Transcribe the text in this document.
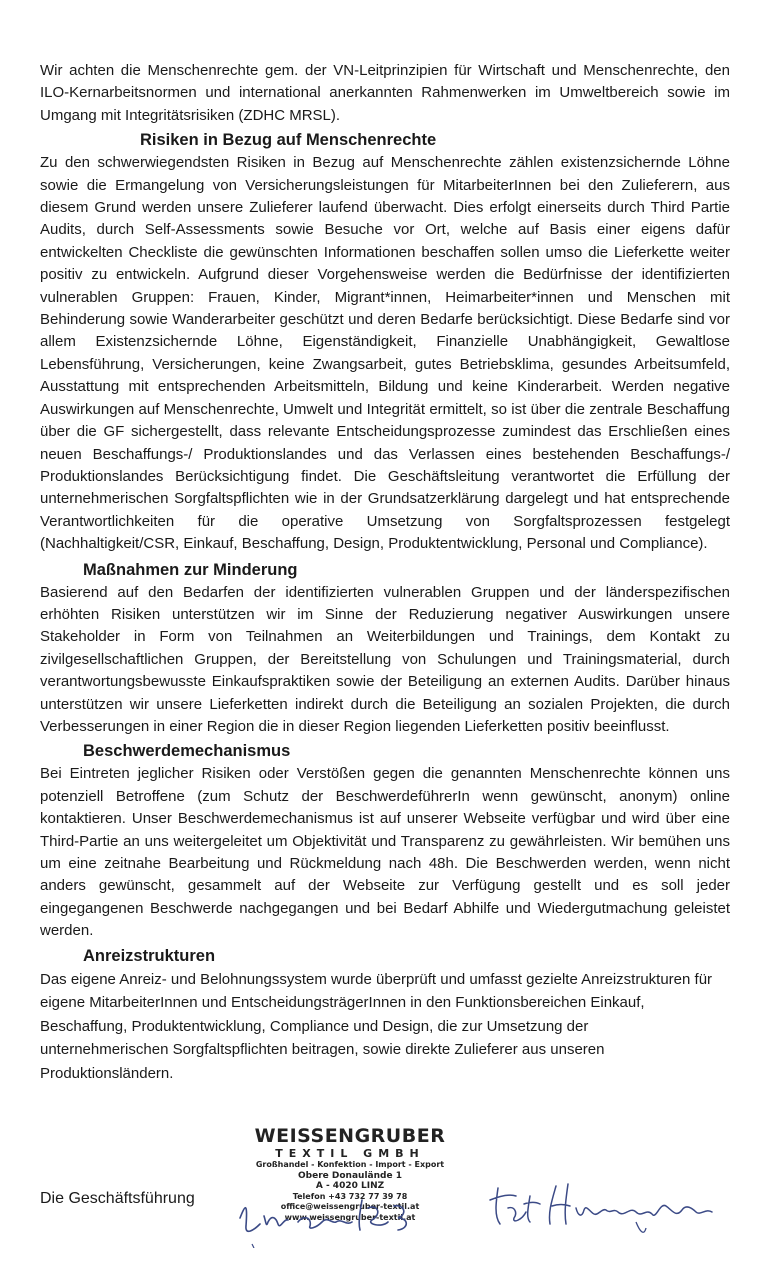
Wir achten die Menschenrechte gem. der VN-Leitprinzipien für Wirtschaft und Menschenrechte, den ILO-Kernarbeitsnormen und international anerkannten Rahmenwerken im Umweltbereich sowie im Umgang mit Integritätsrisiken (ZDHC MRSL).

Risiken in Bezug auf Menschenrechte

Zu den schwerwiegendsten Risiken in Bezug auf Menschenrechte zählen existenzsichernde Löhne sowie die Ermangelung von Versicherungsleistungen für MitarbeiterInnen bei den Zulieferern, aus diesem Grund werden unsere Zulieferer laufend überwacht. Dies erfolgt einerseits durch Third Partie Audits, durch Self-Assessments sowie Besuche vor Ort, welche auf Basis einer eigens dafür entwickelten Checkliste die gewünschten Informationen beschaffen sollen umso die Lieferkette weiter positiv zu entwickeln. Aufgrund dieser Vorgehensweise werden die Bedürfnisse der identifizierten vulnerablen Gruppen: Frauen, Kinder, Migrant*innen, Heimarbeiter*innen und Menschen mit Behinderung sowie Wanderarbeiter geschützt und deren Bedarfe berücksichtigt. Diese Bedarfe sind vor allem Existenzsichernde Löhne, Eigenständigkeit, Finanzielle Unabhängigkeit, Gewaltlose Lebensführung, Versicherungen, keine Zwangsarbeit, gutes Betriebsklima, gesundes Arbeitsumfeld, Ausstattung mit entsprechenden Arbeitsmitteln, Bildung und keine Kinderarbeit. Werden negative Auswirkungen auf Menschenrechte, Umwelt und Integrität ermittelt, so ist über die zentrale Beschaffung über die GF sichergestellt, dass relevante Entscheidungsprozesse zumindest das Erschließen eines neuen Beschaffungs-/ Produktionslandes und das Verlassen eines bestehenden Beschaffungs-/ Produktionslandes Berücksichtigung findet. Die Geschäftsleitung verantwortet die Erfüllung der unternehmerischen Sorgfaltspflichten wie in der Grundsatzerklärung dargelegt und hat entsprechende Verantwortlichkeiten für die operative Umsetzung von Sorgfaltsprozessen festgelegt (Nachhaltigkeit/CSR, Einkauf, Beschaffung, Design, Produktentwicklung, Personal und Compliance).

Maßnahmen zur Minderung

Basierend auf den Bedarfen der identifizierten vulnerablen Gruppen und der länderspezifischen erhöhten Risiken unterstützen wir im Sinne der Reduzierung negativer Auswirkungen unsere Stakeholder in Form von Teilnahmen an Weiterbildungen und Trainings, dem Kontakt zu zivilgesellschaftlichen Gruppen, der Bereitstellung von Schulungen und Trainingsmaterial, durch verantwortungsbewusste Einkaufspraktiken sowie der Beteiligung an externen Audits. Darüber hinaus unterstützen wir unsere Lieferketten indirekt durch die Beteiligung an sozialen Projekten, die durch Verbesserungen in einer Region die in dieser Region liegenden Lieferketten positiv beeinflusst.

Beschwerdemechanismus

Bei Eintreten jeglicher Risiken oder Verstößen gegen die genannten Menschenrechte können uns potenziell Betroffene (zum Schutz der BeschwerdeführerIn wenn gewünscht, anonym) online kontaktieren. Unser Beschwerdemechanismus ist auf unserer Webseite verfügbar und wird über eine Third-Partie an uns weitergeleitet um Objektivität und Transparenz zu gewährleisten. Wir bemühen uns um eine zeitnahe Bearbeitung und Rückmeldung nach 48h. Die Beschwerden werden, wenn nicht anders gewünscht, gesammelt auf der Webseite zur Verfügung gestellt und es soll jeder eingegangenen Beschwerde nachgegangen und bei Bedarf Abhilfe und Wiedergutmachung geleistet werden.

Anreizstrukturen

Das eigene Anreiz- und Belohnungssystem wurde überprüft und umfasst gezielte Anreizstrukturen für eigene MitarbeiterInnen und EntscheidungsträgerInnen in den Funktionsbereichen Einkauf, Beschaffung, Produktentwicklung, Compliance und Design, die zur Umsetzung der unternehmerischen Sorgfaltspflichten beitragen, sowie direkte Zulieferer aus unseren Produktionsländern.

Die Geschäftsführung
WEISSENGRUBER
TEXTIL GMBH
Großhandel - Konfektion - Import - Export
Obere Donaulände 1
A - 4020 LINZ
Telefon +43 732 77 39 78
office@weissengruber-textil.at
www.weissengruber-textil.at
